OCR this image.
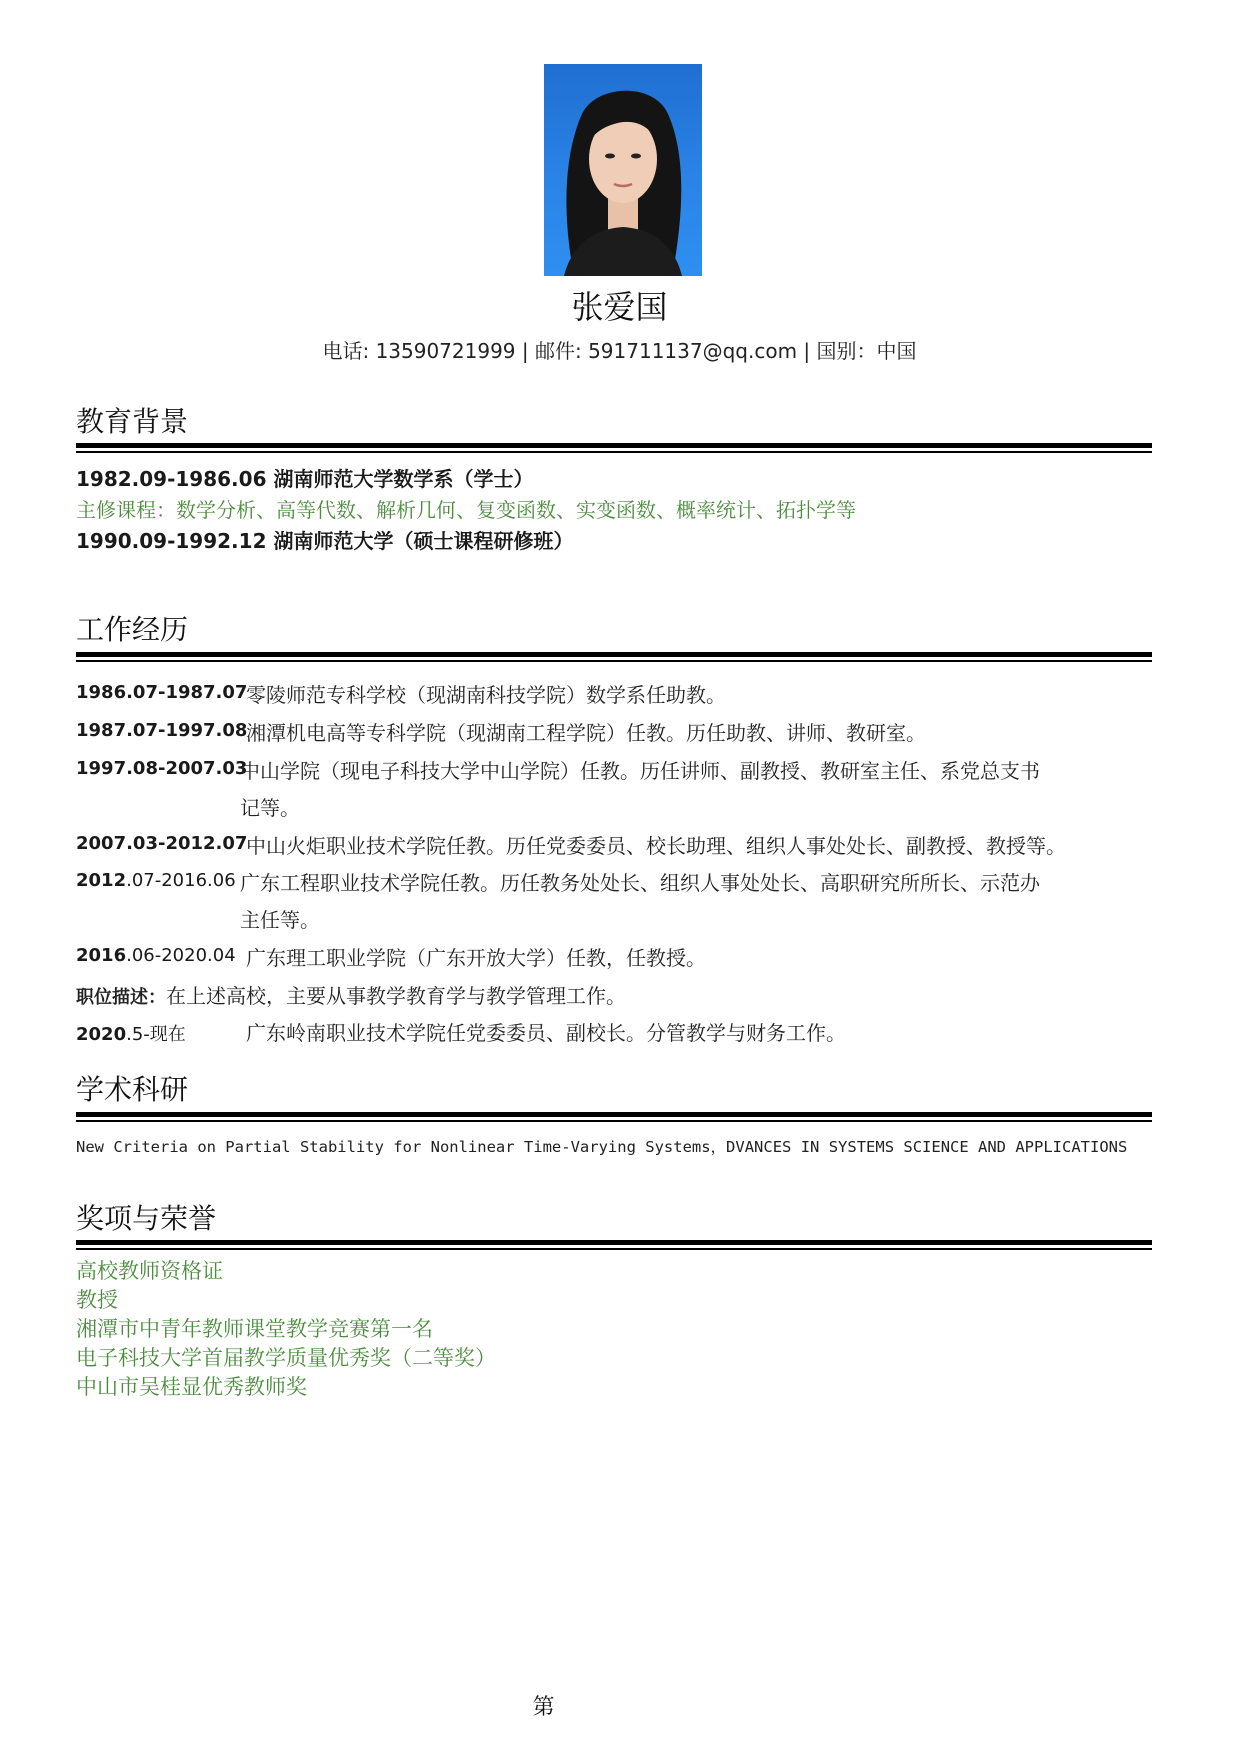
张爱国
电话: 13590721999 | 邮件: 591711137@qq.com | 国别：中国
教育背景
1982.09-1986.06 湖南师范大学数学系（学士）
主修课程：数学分析、高等代数、解析几何、复变函数、实变函数、概率统计、拓扑学等
1990.09-1992.12 湖南师范大学（硕士课程研修班）
工作经历
1986.07-1987.07
零陵师范专科学校（现湖南科技学院）数学系任助教。
1987.07-1997.08
湘潭机电高等专科学院（现湖南工程学院）任教。历任助教、讲师、教研室。
1997.08-2007.03
中山学院（现电子科技大学中山学院）任教。历任讲师、副教授、教研室主任、系党总支书
记等。
2007.03-2012.07
中山火炬职业技术学院任教。历任党委委员、校长助理、组织人事处处长、副教授、教授等。
2012.07-2016.06 广东工程职业技术学院任教。历任教务处处长、组织人事处处长、高职研究所所长、示范办
主任等。
2016.06-2020.04 广东理工职业学院（广东开放大学）任教，任教授。
职位描述：在上述高校，主要从事教学教育学与教学管理工作。
2020.5-现在	广东岭南职业技术学院任党委委员、副校长。分管教学与财务工作。
学术科研
New Criteria on Partial Stability for Nonlinear Time-Varying Systems，DVANCES IN SYSTEMS SCIENCE AND APPLICATIONS
奖项与荣誉
高校教师资格证
教授
湘潭市中青年教师课堂教学竞赛第一名
电子科技大学首届教学质量优秀奖（二等奖）
中山市吴桂显优秀教师奖
第
